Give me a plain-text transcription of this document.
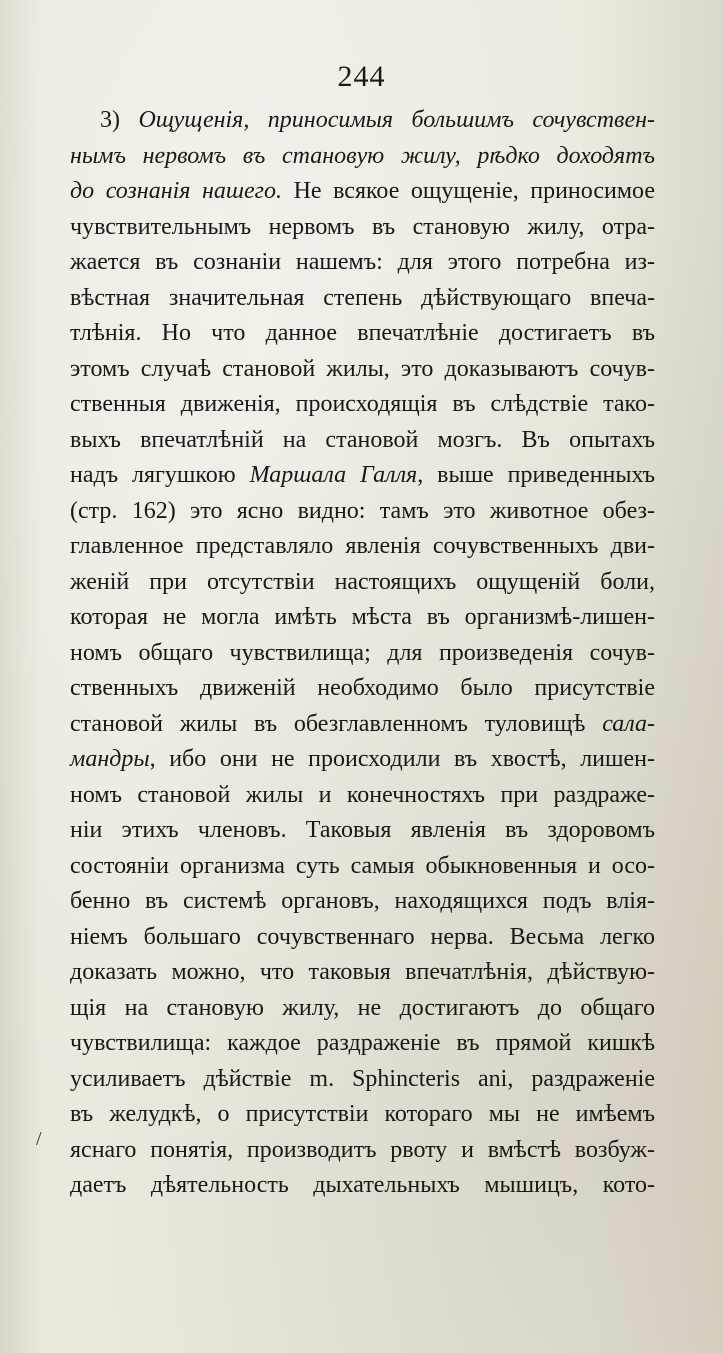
244
3) Ощущенія, приносимыя большимъ сочувствен-
нымъ нервомъ въ становую жилу, рѣдко доходятъ
до сознанія нашего. Не всякое ощущеніе, приносимое
чувствительнымъ нервомъ въ становую жилу, отра-
жается въ сознаніи нашемъ: для этого потребна из-
вѣстная значительная степень дѣйствующаго впеча-
тлѣнія. Но что данное впечатлѣніе достигаетъ въ
этомъ случаѣ становой жилы, это доказываютъ сочув-
ственныя движенія, происходящія въ слѣдствіе тако-
выхъ впечатлѣній на становой мозгъ. Въ опытахъ
надъ лягушкою Маршала Галля, выше приведенныхъ
(стр. 162) это ясно видно: тамъ это животное обез-
главленное представляло явленія сочувственныхъ дви-
женій при отсутствіи настоящихъ ощущеній боли,
которая не могла имѣть мѣста въ организмѣ-лишен-
номъ общаго чувствилища; для произведенія сочув-
ственныхъ движеній необходимо было присутствіе
становой жилы въ обезглавленномъ туловищѣ сала-
мандры, ибо они не происходили въ хвостѣ, лишен-
номъ становой жилы и конечностяхъ при раздраже-
ніи этихъ членовъ. Таковыя явленія въ здоровомъ
состояніи организма суть самыя обыкновенныя и осо-
бенно въ системѣ органовъ, находящихся подъ влія-
ніемъ большаго сочувственнаго нерва. Весьма легко
доказать можно, что таковыя впечатлѣнія, дѣйствую-
щія на становую жилу, не достигаютъ до общаго
чувствилища: каждое раздраженіе въ прямой кишкѣ
усиливаетъ дѣйствіе m. Sphincteris ani, раздраженіе
въ желудкѣ, о присутствіи котораго мы не имѣемъ
яснаго понятія, производитъ рвоту и вмѣстѣ возбуж-
даетъ дѣятельность дыхательныхъ мышицъ, кото-
/
